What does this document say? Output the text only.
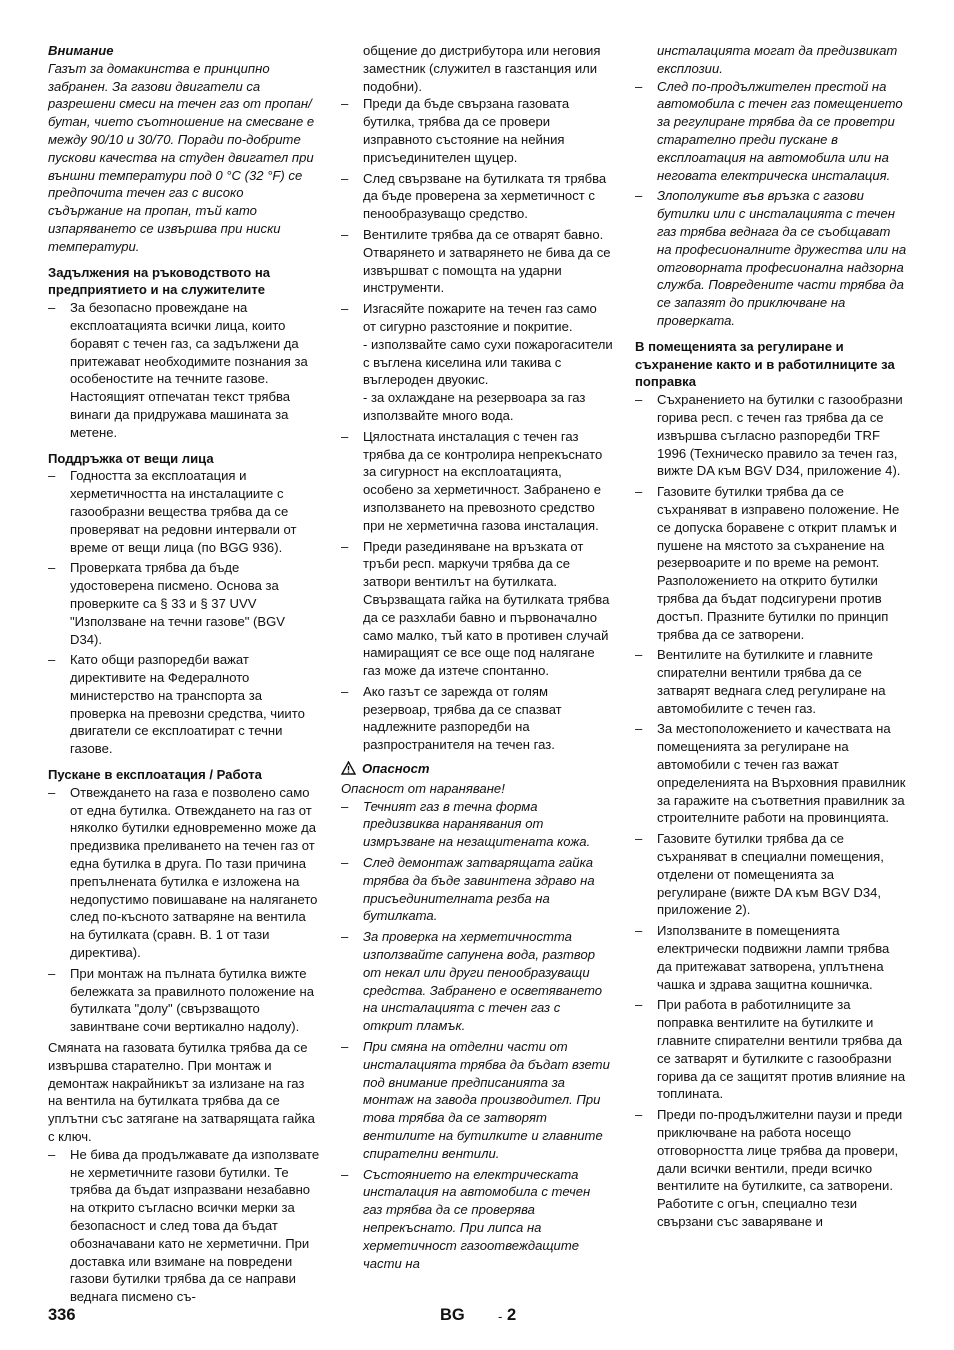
Внимание

Газът за домакинства е принципно забранен. За газови двигатели са разрешени смеси на течен газ от пропан/бутан, чието съотношение на смесване е между 90/10 и 30/70. Поради по-добрите пускови качества на студен двигател при външни температури под 0 °C (32 °F) се предпочита течен газ с високо съдържание на пропан, тъй като изпаряването се извършва при ниски температури.

Задължения на ръководството на предприятието и на служителите

– За безопасно провеждане на експлоатацията всички лица, които боравят с течен газ, са задължени да притежават необходимите познания за особеностите на течните газове. Настоящият отпечатан текст трябва винаги да придружава машината за метене.

Поддръжка от вещи лица

– Годността за експлоатация и херметичността на инсталациите с газообразни вещества трябва да се проверяват на редовни интервали от време от вещи лица (по BGG 936).
– Проверката трябва да бъде удостоверена писмено. Основа за проверките са § 33 и § 37 UVV "Използване на течни газове" (BGV D34).
– Като общи разпоредби важат директивите на Федералното министерство на транспорта за проверка на превозни средства, чиито двигатели се експлоатират с течни газове.

Пускане в експлоатация / Работа

– Отвеждането на газа е позволено само от една бутилка. Отвеждането на газ от няколко бутилки едновременно може да предизвика преливането на течен газ от една бутилка в друга. По тази причина препълнената бутилка е изложена на недопустимо повишаване на налягането след по-късното затваряне на вентила на бутилката (сравн. В. 1 от тази директива).
– При монтаж на пълната бутилка вижте бележката за правилното положение на бутилката "долу" (свързващото завинтване сочи вертикално надолу).

Смяната на газовата бутилка трябва да се извършва старателно. При монтаж и демонтаж накрайникът за излизане на газ на вентила на бутилката трябва да се уплътни със затягане на затварящата гайка с ключ.

– Не бива да продължавате да използвате не херметичните газови бутилки. Те трябва да бъдат изпразвани незабавно на открито съгласно всички мерки за безопасност и след това да бъдат обозначавани като не херметични. При доставка или взимане на повредени газови бутилки трябва да се направи веднага писмено съ-

общение до дистрибутора или неговия заместник (служител в газстанция или подобни).

– Преди да бъде свързана газовата бутилка, трябва да се провери изправното състояние на нейния присъединителен щуцер.
– След свързване на бутилката тя трябва да бъде проверена за херметичност с пенообразуващо средство.
– Вентилите трябва да се отварят бавно. Отварянето и затварянето не бива да се извършват с помощта на ударни инструменти.
– Изгасяйте пожарите на течен газ само от сигурно разстояние и покритие.

- използвайте само сухи пожарогасители с въглена киселина или такива с въглероден двуокис.

- за охлаждане на резервоара за газ използвайте много вода.

– Цялостната инсталация с течен газ трябва да се контролира непрекъснато за сигурност на експлоатацията, особено за херметичност. Забранено е използването на превозното средство при не херметична газова инсталация.
– Преди разединяване на връзката от тръби респ. маркучи трябва да се затвори вентилът на бутилката. Свързващата гайка на бутилката трябва да се разхлаби бавно и първоначално само малко, тъй като в противен случай намиращият се все още под налягане газ може да изтече спонтанно.
– Ако газът се зарежда от голям резервоар, трябва да се спазват надлежните разпоредби на разпространителя на течен газ.

Опасност

Опасност от нараняване!

– Течният газ в течна форма предизвиква наранявания от измръзване на незащитената кожа.
– След демонтаж затварящата гайка трябва да бъде завинтена здраво на присъединителната резба на бутилката.
– За проверка на херметичността използвайте сапунена вода, разтвор от некал или други пенообразуващи средства. Забранено е осветяването на инсталацията с течен газ с открит пламък.
– При смяна на отделни части от инсталацията трябва да бъдат взети под внимание предписанията за монтаж на завода производител. При това трябва да се затворят вентилите на бутилките и главните спирателни вентили.
– Състоянието на електрическата инсталация на автомобила с течен газ трябва да се проверява непрекъснато. При липса на херметичност газоотвеждащите части на

инсталацията могат да предизвикат експлозии.

– След по-продължителен престой на автомобила с течен газ помещението за регулиране трябва да се проветри старателно преди пускане в експлоатация на автомобила или на неговата електрическа инсталация.
– Злополуките във връзка с газови бутилки или с инсталацията с течен газ трябва веднага да се съобщават на професионалните дружества или на отговорната професионална надзорна служба. Повредените части трябва да се запазят до приключване на проверката.

В помещенията за регулиране и съхранение както и в работилниците за поправка

– Съхранението на бутилки с газообразни горива респ. с течен газ трябва да се извършва съгласно разпоредби TRF 1996 (Техническо правило за течен газ, вижте DA към BGV D34, приложение 4).
– Газовите бутилки трябва да се съхраняват в изправено положение. Не се допуска боравене с открит пламък и пушене на мястото за съхранение на резервоарите и по време на ремонт. Разположението на откритo бутилки трябва да бъдат подсигурени против достъп. Празните бутилки по принцип трябва да се затворени.
– Вентилите на бутилките и главните спирателни вентили трябва да се затварят веднага след регулиране на автомобилите с течен газ.
– За местоположението и качествата на помещенията за регулиране на автомобили с течен газ важат определенията на Върховния правилник за гаражите на съответния правилник за строителните работи на провинцията.
– Газовите бутилки трябва да се съхраняват в специални помещения, отделени от помещенията за регулиране (вижте DA към BGV D34, приложение 2).
– Използваните в помещенията електрически подвижни лампи трябва да притежават затворена, уплътнена чашка и здрава защитна кошничка.
– При работа в работилниците за поправка вентилите на бутилките и главните спирателни вентили трябва да се затварят и бутилките с газообразни горива да се защитят против влияние на топлината.
– Преди по-продължителни паузи и преди приключване на работа носещо отговорността лице трябва да провери, дали всички вентили, преди всичко вентилите на бутилките, са затворени. Работите с огън, специално тези свързани със заваряване и
336	BG	- 2
